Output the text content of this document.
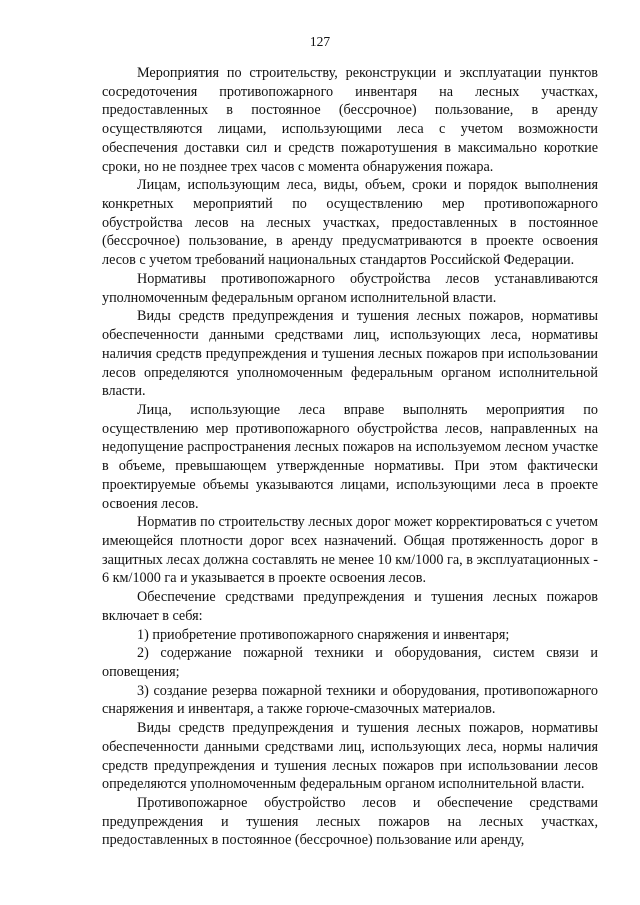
127

Мероприятия по строительству, реконструкции и эксплуатации пунктов сосредоточения противопожарного инвентаря на лесных участках, предоставленных в постоянное (бессрочное) пользование, в аренду осуществляются лицами, использующими леса с учетом возможности обеспечения доставки сил и средств пожаротушения в максимально короткие сроки, но не позднее трех часов с момента обнаружения пожара.

Лицам, использующим леса, виды, объем, сроки и порядок выполнения конкретных мероприятий по осуществлению мер противопожарного обустройства лесов на лесных участках, предоставленных в постоянное (бессрочное) пользование, в аренду предусматриваются в проекте освоения лесов с учетом требований национальных стандартов Российской Федерации.

Нормативы противопожарного обустройства лесов устанавливаются уполномоченным федеральным органом исполнительной власти.

Виды средств предупреждения и тушения лесных пожаров, нормативы обеспеченности данными средствами лиц, использующих леса, нормативы наличия средств предупреждения и тушения лесных пожаров при использовании лесов определяются уполномоченным федеральным органом исполнительной власти.

Лица, использующие леса вправе выполнять мероприятия по осуществлению мер противопожарного обустройства лесов, направленных на недопущение распространения лесных пожаров на используемом лесном участке в объеме, превышающем утвержденные нормативы. При этом фактически проектируемые объемы указываются лицами, использующими леса в проекте освоения лесов.

Норматив по строительству лесных дорог может корректироваться с учетом имеющейся плотности дорог всех назначений. Общая протяженность дорог в защитных лесах должна составлять не менее 10 км/1000 га, в эксплуатационных - 6 км/1000 га и указывается в проекте освоения лесов.

Обеспечение средствами предупреждения и тушения лесных пожаров включает в себя:

1) приобретение противопожарного снаряжения и инвентаря;

2) содержание пожарной техники и оборудования, систем связи и оповещения;

3) создание резерва пожарной техники и оборудования, противопожарного снаряжения и инвентаря, а также горюче-смазочных материалов.

Виды средств предупреждения и тушения лесных пожаров, нормативы обеспеченности данными средствами лиц, использующих леса, нормы наличия средств предупреждения и тушения лесных пожаров при использовании лесов определяются уполномоченным федеральным органом исполнительной власти.

Противопожарное обустройство лесов и обеспечение средствами предупреждения и тушения лесных пожаров на лесных участках, предоставленных в постоянное (бессрочное) пользование или аренду,
